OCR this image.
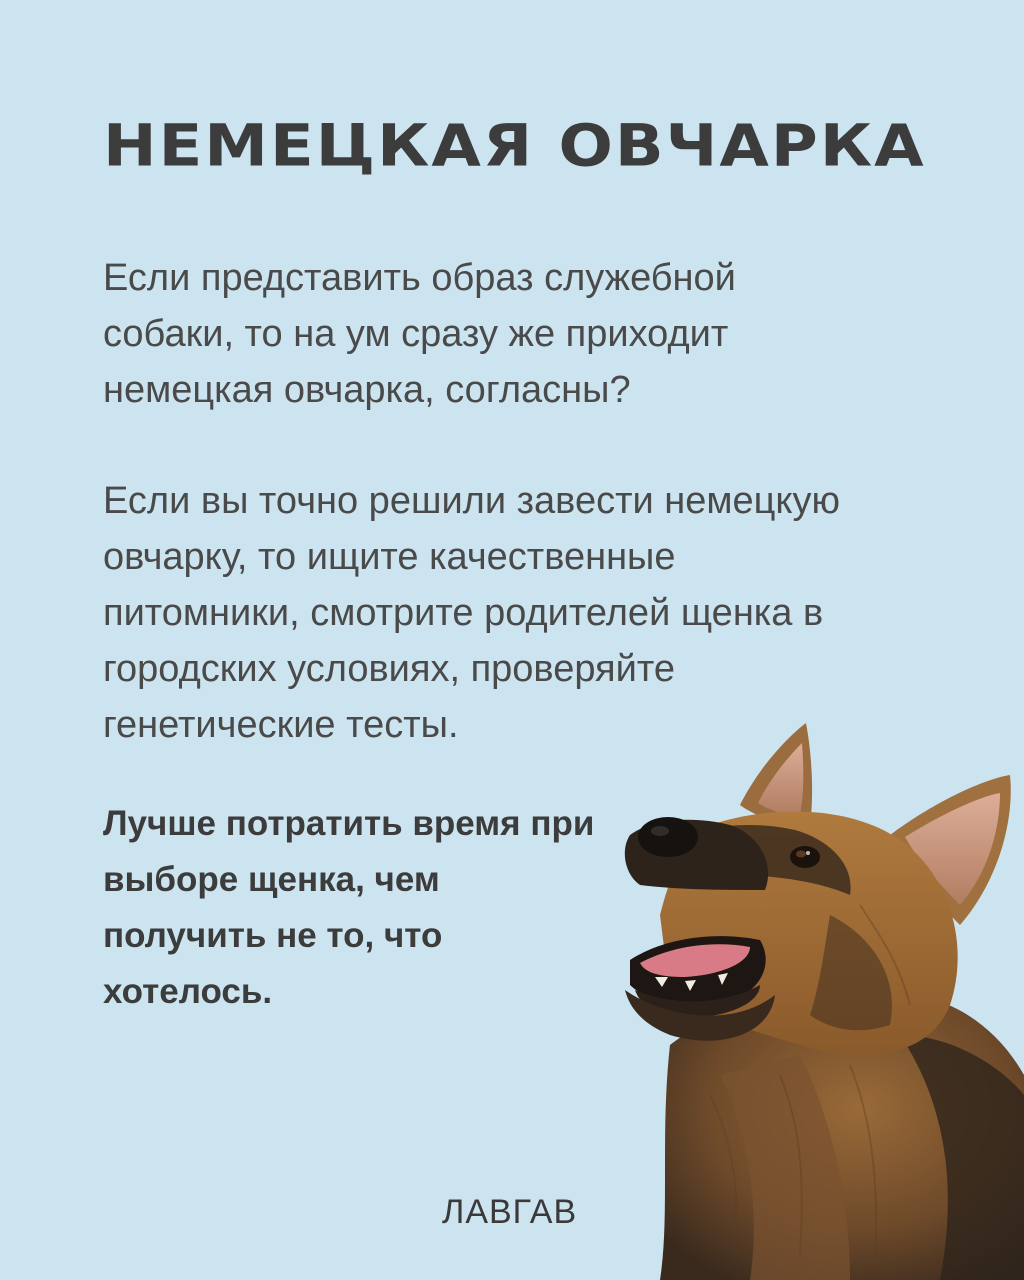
НЕМЕЦКАЯ ОВЧАРКА

Если представить образ служебной
собаки, то на ум сразу же приходит
немецкая овчарка, согласны?

Если вы точно решили завести немецкую
овчарку, то ищите качественные
питомники, смотрите родителей щенка в
городских условиях, проверяйте
генетические тесты.

Лучше потратить время при
выборе щенка, чем
получить не то, что
хотелось.

ЛАВГАВ
